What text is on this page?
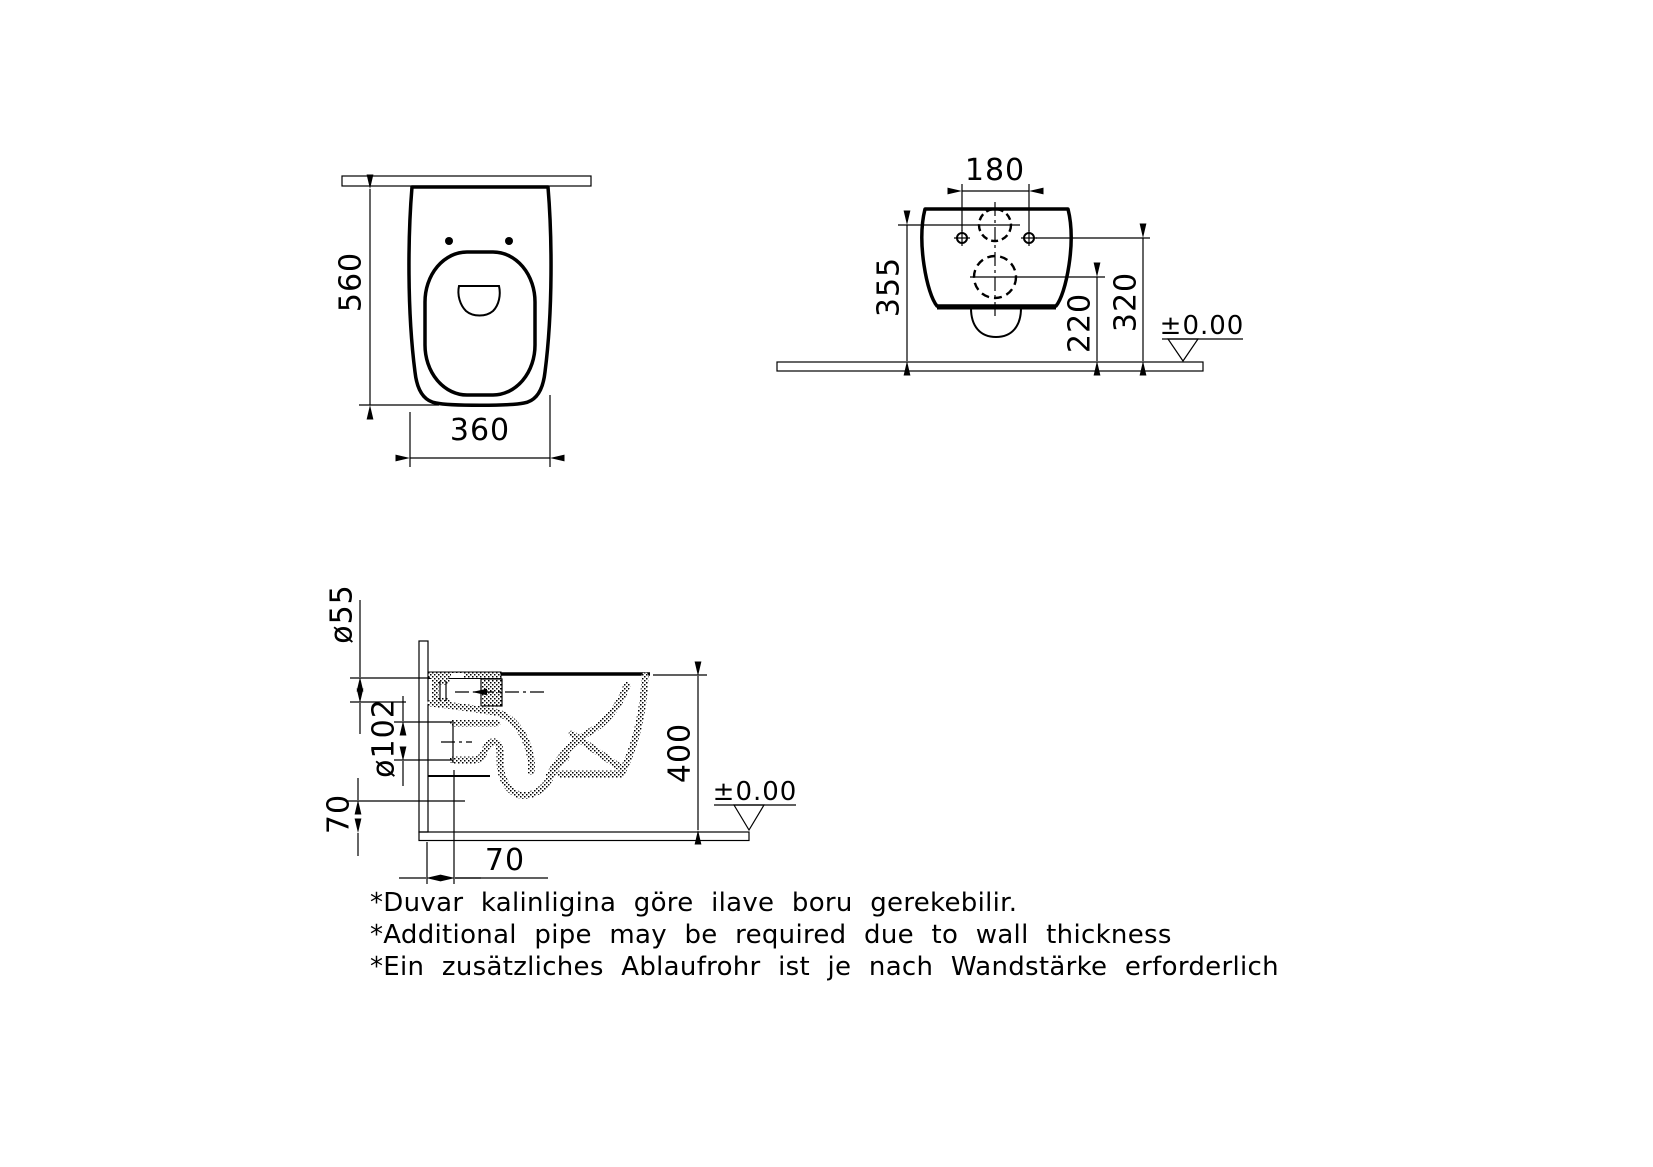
560
360
180
355	320
220 ±0.00
ø55
ø102
70
400
70
±0.00
*Duvar kalinligina göre ilave boru gerekebilir.
*Additional pipe may be required due to wall thickness
*Ein zusätzliches Ablaufrohr ist je nach Wandstärke erforderlich
